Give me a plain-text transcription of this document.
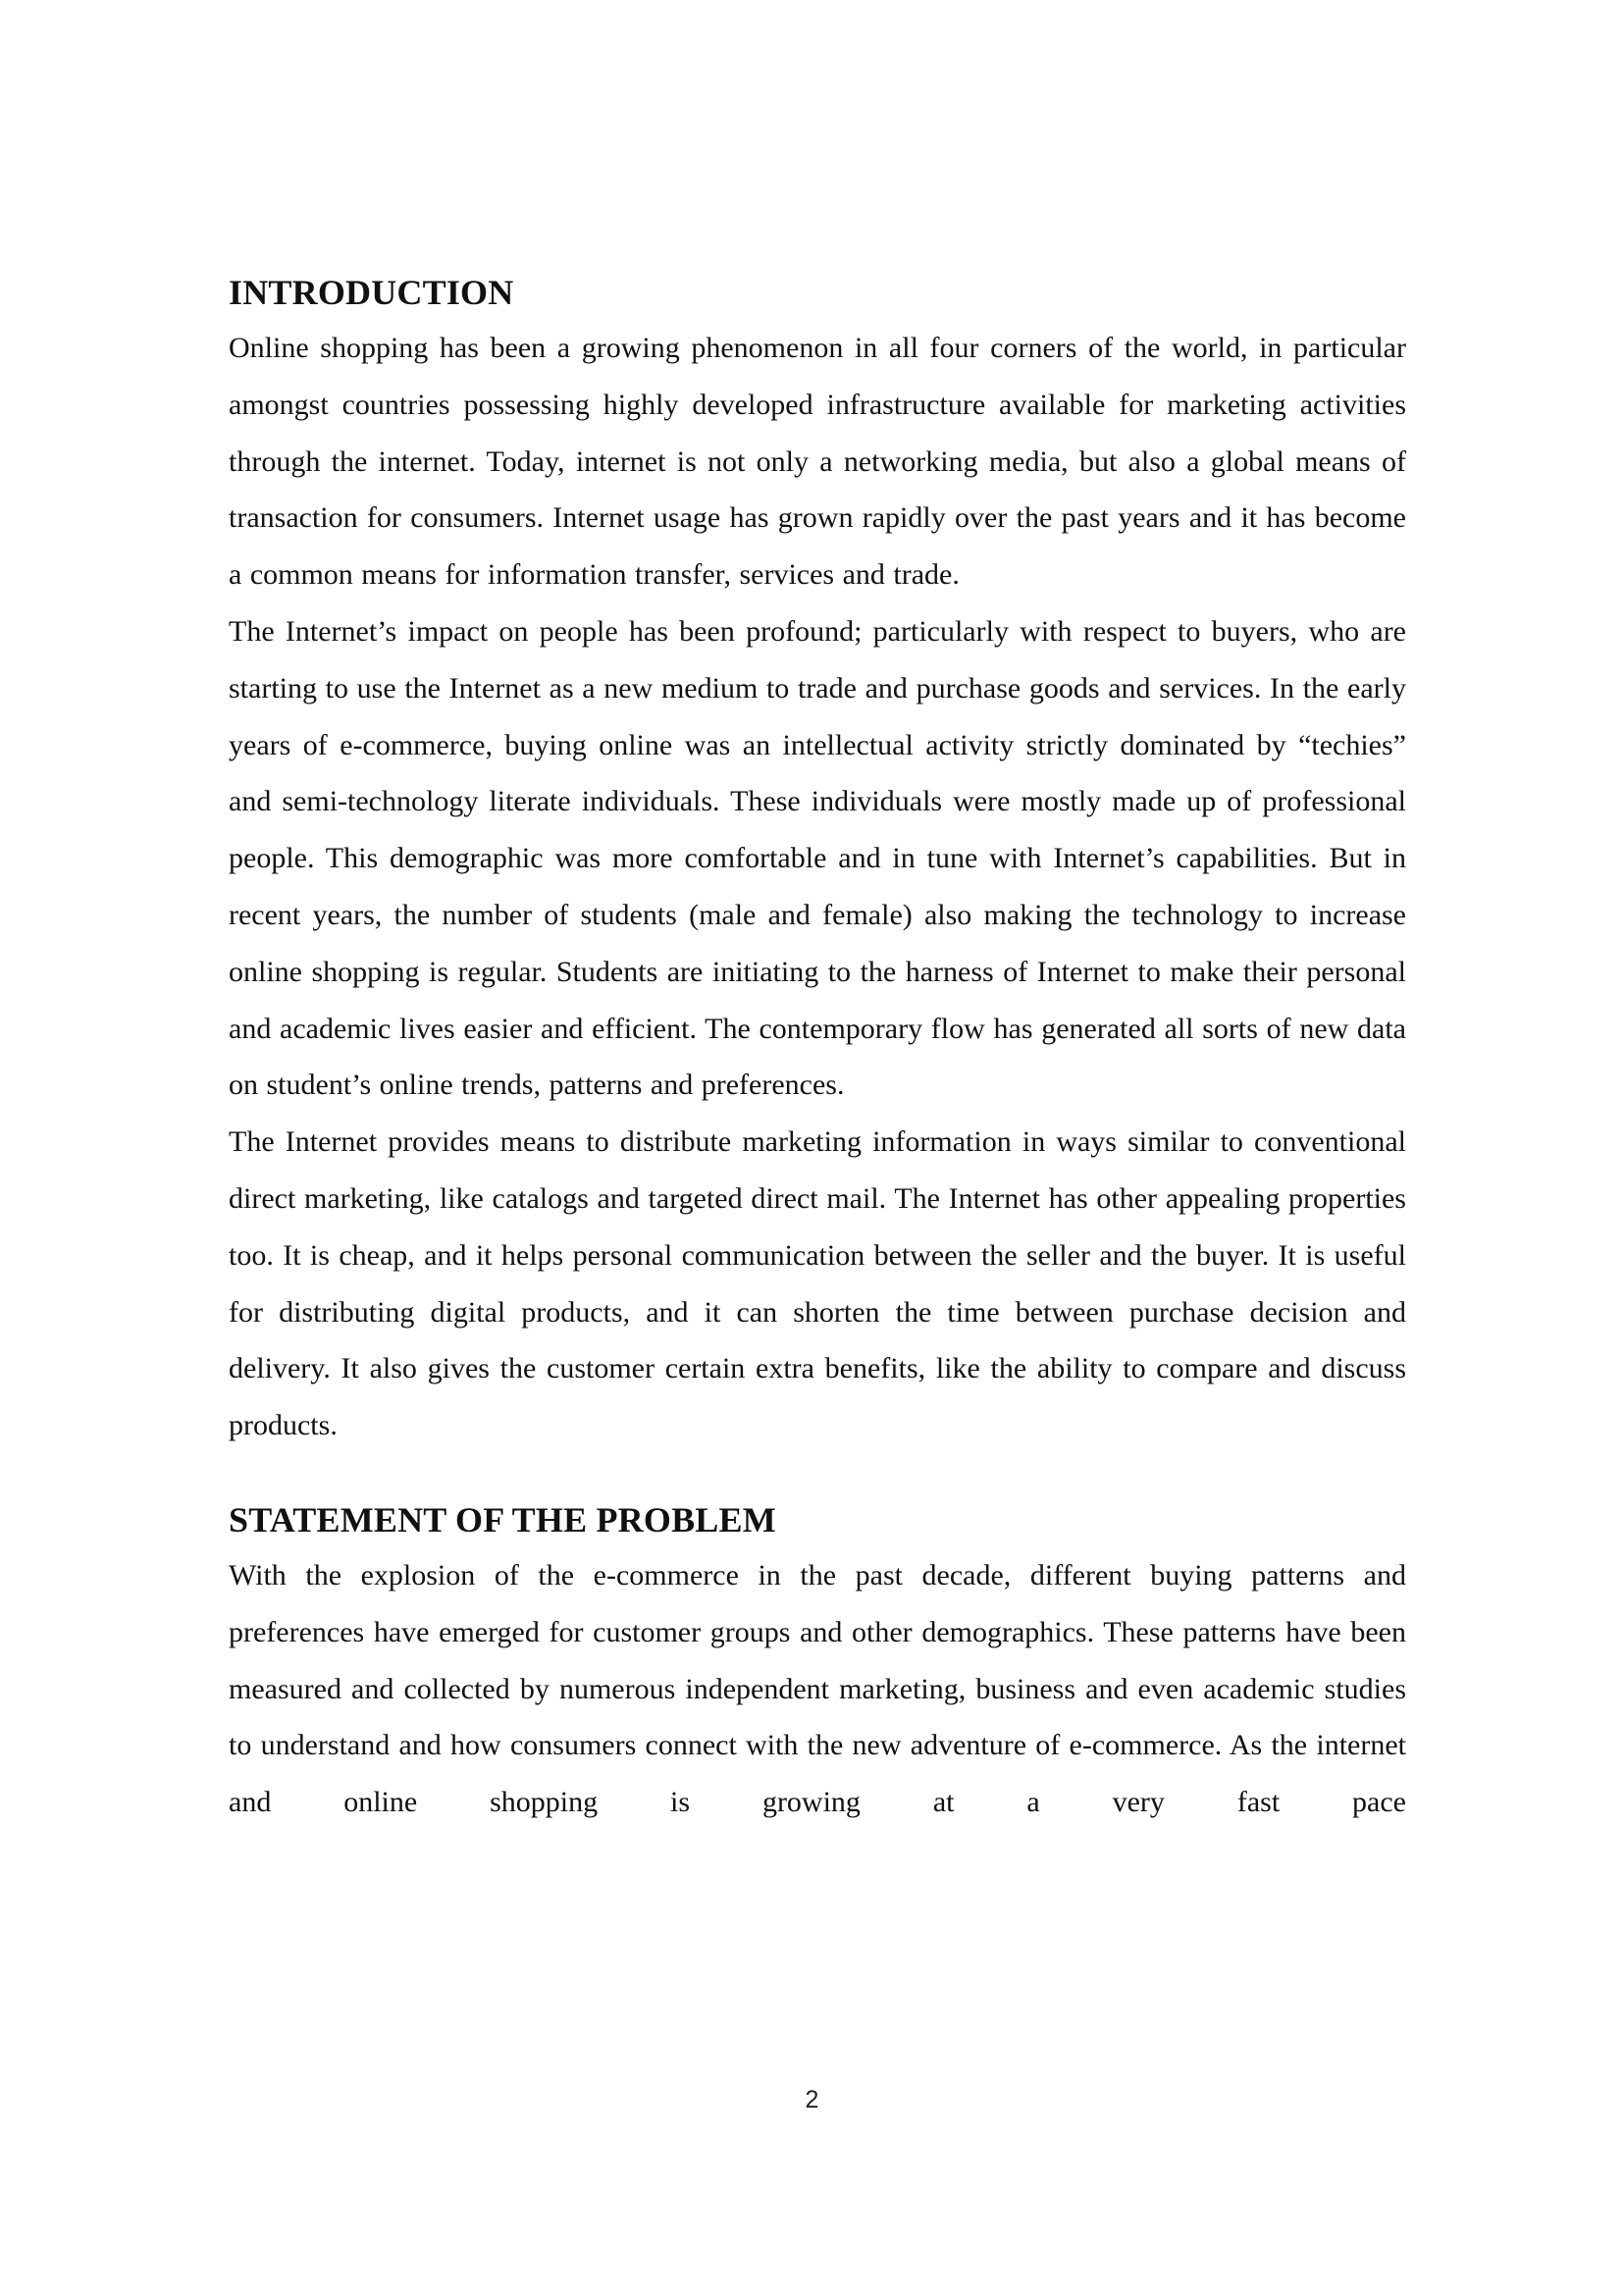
INTRODUCTION

Online shopping has been a growing phenomenon in all four corners of the world, in particular amongst countries possessing highly developed infrastructure available for marketing activities through the internet. Today, internet is not only a networking media, but also a global means of transaction for consumers. Internet usage has grown rapidly over the past years and it has become a common means for information transfer, services and trade.

The Internet’s impact on people has been profound; particularly with respect to buyers, who are starting to use the Internet as a new medium to trade and purchase goods and services. In the early years of e-commerce, buying online was an intellectual activity strictly dominated by “techies” and semi-technology literate individuals. These individuals were mostly made up of professional people. This demographic was more comfortable and in tune with Internet’s capabilities. But in recent years, the number of students (male and female) also making the technology to increase online shopping is regular. Students are initiating to the harness of Internet to make their personal and academic lives easier and efficient. The contemporary flow has generated all sorts of new data on student’s online trends, patterns and preferences.

The Internet provides means to distribute marketing information in ways similar to conventional direct marketing, like catalogs and targeted direct mail. The Internet has other appealing properties too. It is cheap, and it helps personal communication between the seller and the buyer. It is useful for distributing digital products, and it can shorten the time between purchase decision and delivery. It also gives the customer certain extra benefits, like the ability to compare and discuss products.

STATEMENT OF THE PROBLEM

With the explosion of the e-commerce in the past decade, different buying patterns and preferences have emerged for customer groups and other demographics. These patterns have been measured and collected by numerous independent marketing, business and even academic studies to understand and how consumers connect with the new adventure of e-commerce. As the internet and online shopping is growing at a very fast pace

2
